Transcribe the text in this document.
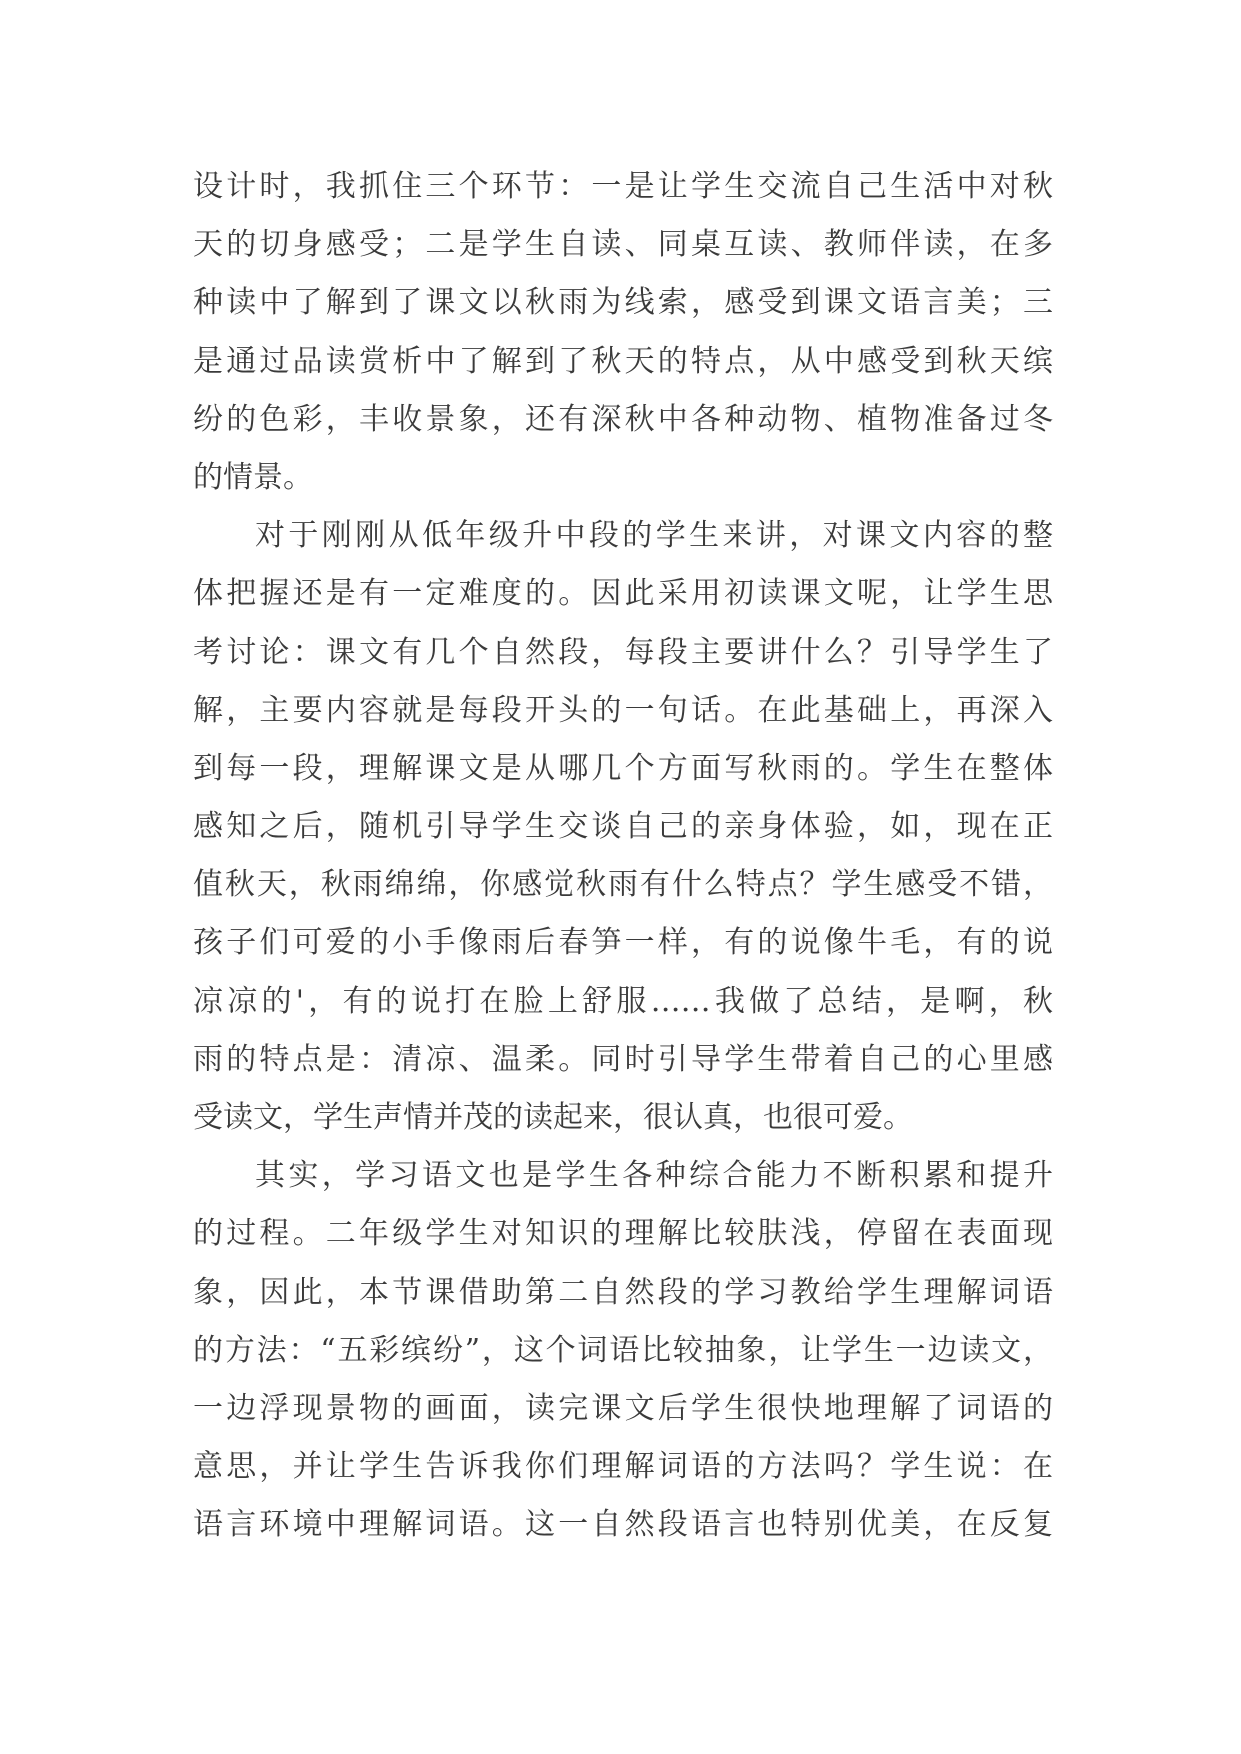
设计时，我抓住三个环节：一是让学生交流自己生活中对秋
天的切身感受；二是学生自读、同桌互读、教师伴读，在多
种读中了解到了课文以秋雨为线索，感受到课文语言美；三
是通过品读赏析中了解到了秋天的特点，从中感受到秋天缤
纷的色彩，丰收景象，还有深秋中各种动物、植物准备过冬
的情景。
对于刚刚从低年级升中段的学生来讲，对课文内容的整
体把握还是有一定难度的。因此采用初读课文呢，让学生思
考讨论：课文有几个自然段，每段主要讲什么？引导学生了
解，主要内容就是每段开头的一句话。在此基础上，再深入
到每一段，理解课文是从哪几个方面写秋雨的。学生在整体
感知之后，随机引导学生交谈自己的亲身体验，如，现在正
值秋天，秋雨绵绵，你感觉秋雨有什么特点？学生感受不错，
孩子们可爱的小手像雨后春笋一样，有的说像牛毛，有的说
凉凉的'，有的说打在脸上舒服……我做了总结，是啊，秋
雨的特点是：清凉、温柔。同时引导学生带着自己的心里感
受读文，学生声情并茂的读起来，很认真，也很可爱。
其实，学习语文也是学生各种综合能力不断积累和提升
的过程。二年级学生对知识的理解比较肤浅，停留在表面现
象，因此，本节课借助第二自然段的学习教给学生理解词语
的方法：“五彩缤纷”，这个词语比较抽象，让学生一边读文，
一边浮现景物的画面，读完课文后学生很快地理解了词语的
意思，并让学生告诉我你们理解词语的方法吗？学生说：在
语言环境中理解词语。这一自然段语言也特别优美，在反复
